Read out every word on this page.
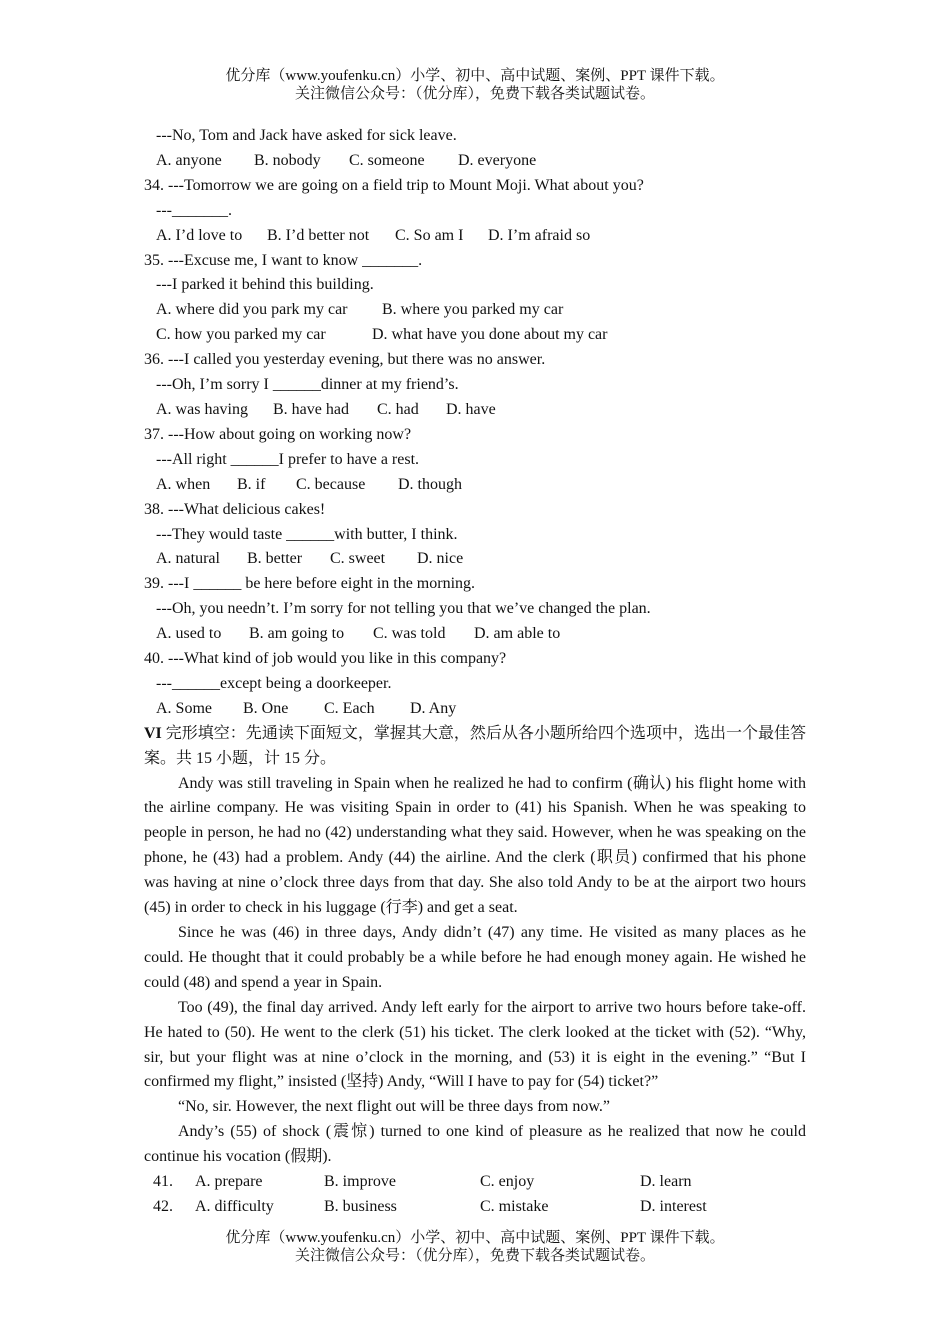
优分库（www.youfenku.cn）小学、初中、高中试题、案例、PPT 课件下载。
关注微信公众号：（优分库），免费下载各类试题试卷。
---No, Tom and Jack have asked for sick leave.
A. anyone B. nobody C. someone D. everyone
34. ---Tomorrow we are going on a field trip to Mount Moji. What about you?
---_______.
A. I’d love to B. I’d better not C. So am I D. I’m afraid so
35. ---Excuse me, I want to know _______.
---I parked it behind this building.
A. where did you park my car B. where you parked my car
C. how you parked my car	D. what have you done about my car
36. ---I called you yesterday evening, but there was no answer.
---Oh, I’m sorry I ______dinner at my friend’s.
A. was having B. have had C. had D. have
37. ---How about going on working now?
---All right ______I prefer to have a rest.
A. when B. if C. because D. though
38. ---What delicious cakes!
---They would taste ______with butter, I think.
A. natural B. better C. sweet D. nice
39. ---I ______ be here before eight in the morning.
---Oh, you needn’t. I’m sorry for not telling you that we’ve changed the plan.
A. used to B. am going to C. was told D. am able to
40. ---What kind of job would you like in this company?
---______except being a doorkeeper.
A. Some B. One C. Each D. Any
VI 完形填空：先通读下面短文，掌握其大意，然后从各小题所给四个选项中，选出一个最佳答案。共 15 小题，计 15 分。
Andy was still traveling in Spain when he realized he had to confirm (确认) his flight home with the airline company. He was visiting Spain in order to (41) his Spanish. When he was speaking to people in person, he had no (42) understanding what they said. However, when he was speaking on the phone, he (43) had a problem. Andy (44) the airline. And the clerk (职员) confirmed that his phone was having at nine o’clock three days from that day. She also told Andy to be at the airport two hours (45) in order to check in his luggage (行李) and get a seat.
Since he was (46) in three days, Andy didn’t (47) any time. He visited as many places as he could. He thought that it could probably be a while before he had enough money again. He wished he could (48) and spend a year in Spain.
Too (49), the final day arrived. Andy left early for the airport to arrive two hours before take-off. He hated to (50). He went to the clerk (51) his ticket. The clerk looked at the ticket with (52). “Why, sir, but your flight was at nine o’clock in the morning, and (53) it is eight in the evening.” “But I confirmed my flight,” insisted (坚持) Andy, “Will I have to pay for (54) ticket?”
“No, sir. However, the next flight out will be three days from now.”
Andy’s (55) of shock (震惊) turned to one kind of pleasure as he realized that now he could continue his vocation (假期).
41.	A. prepare	B. improve	C. enjoy	D. learn
42.	A. difficulty	B. business	C. mistake	D. interest
优分库（www.youfenku.cn）小学、初中、高中试题、案例、PPT 课件下载。
关注微信公众号：（优分库），免费下载各类试题试卷。
